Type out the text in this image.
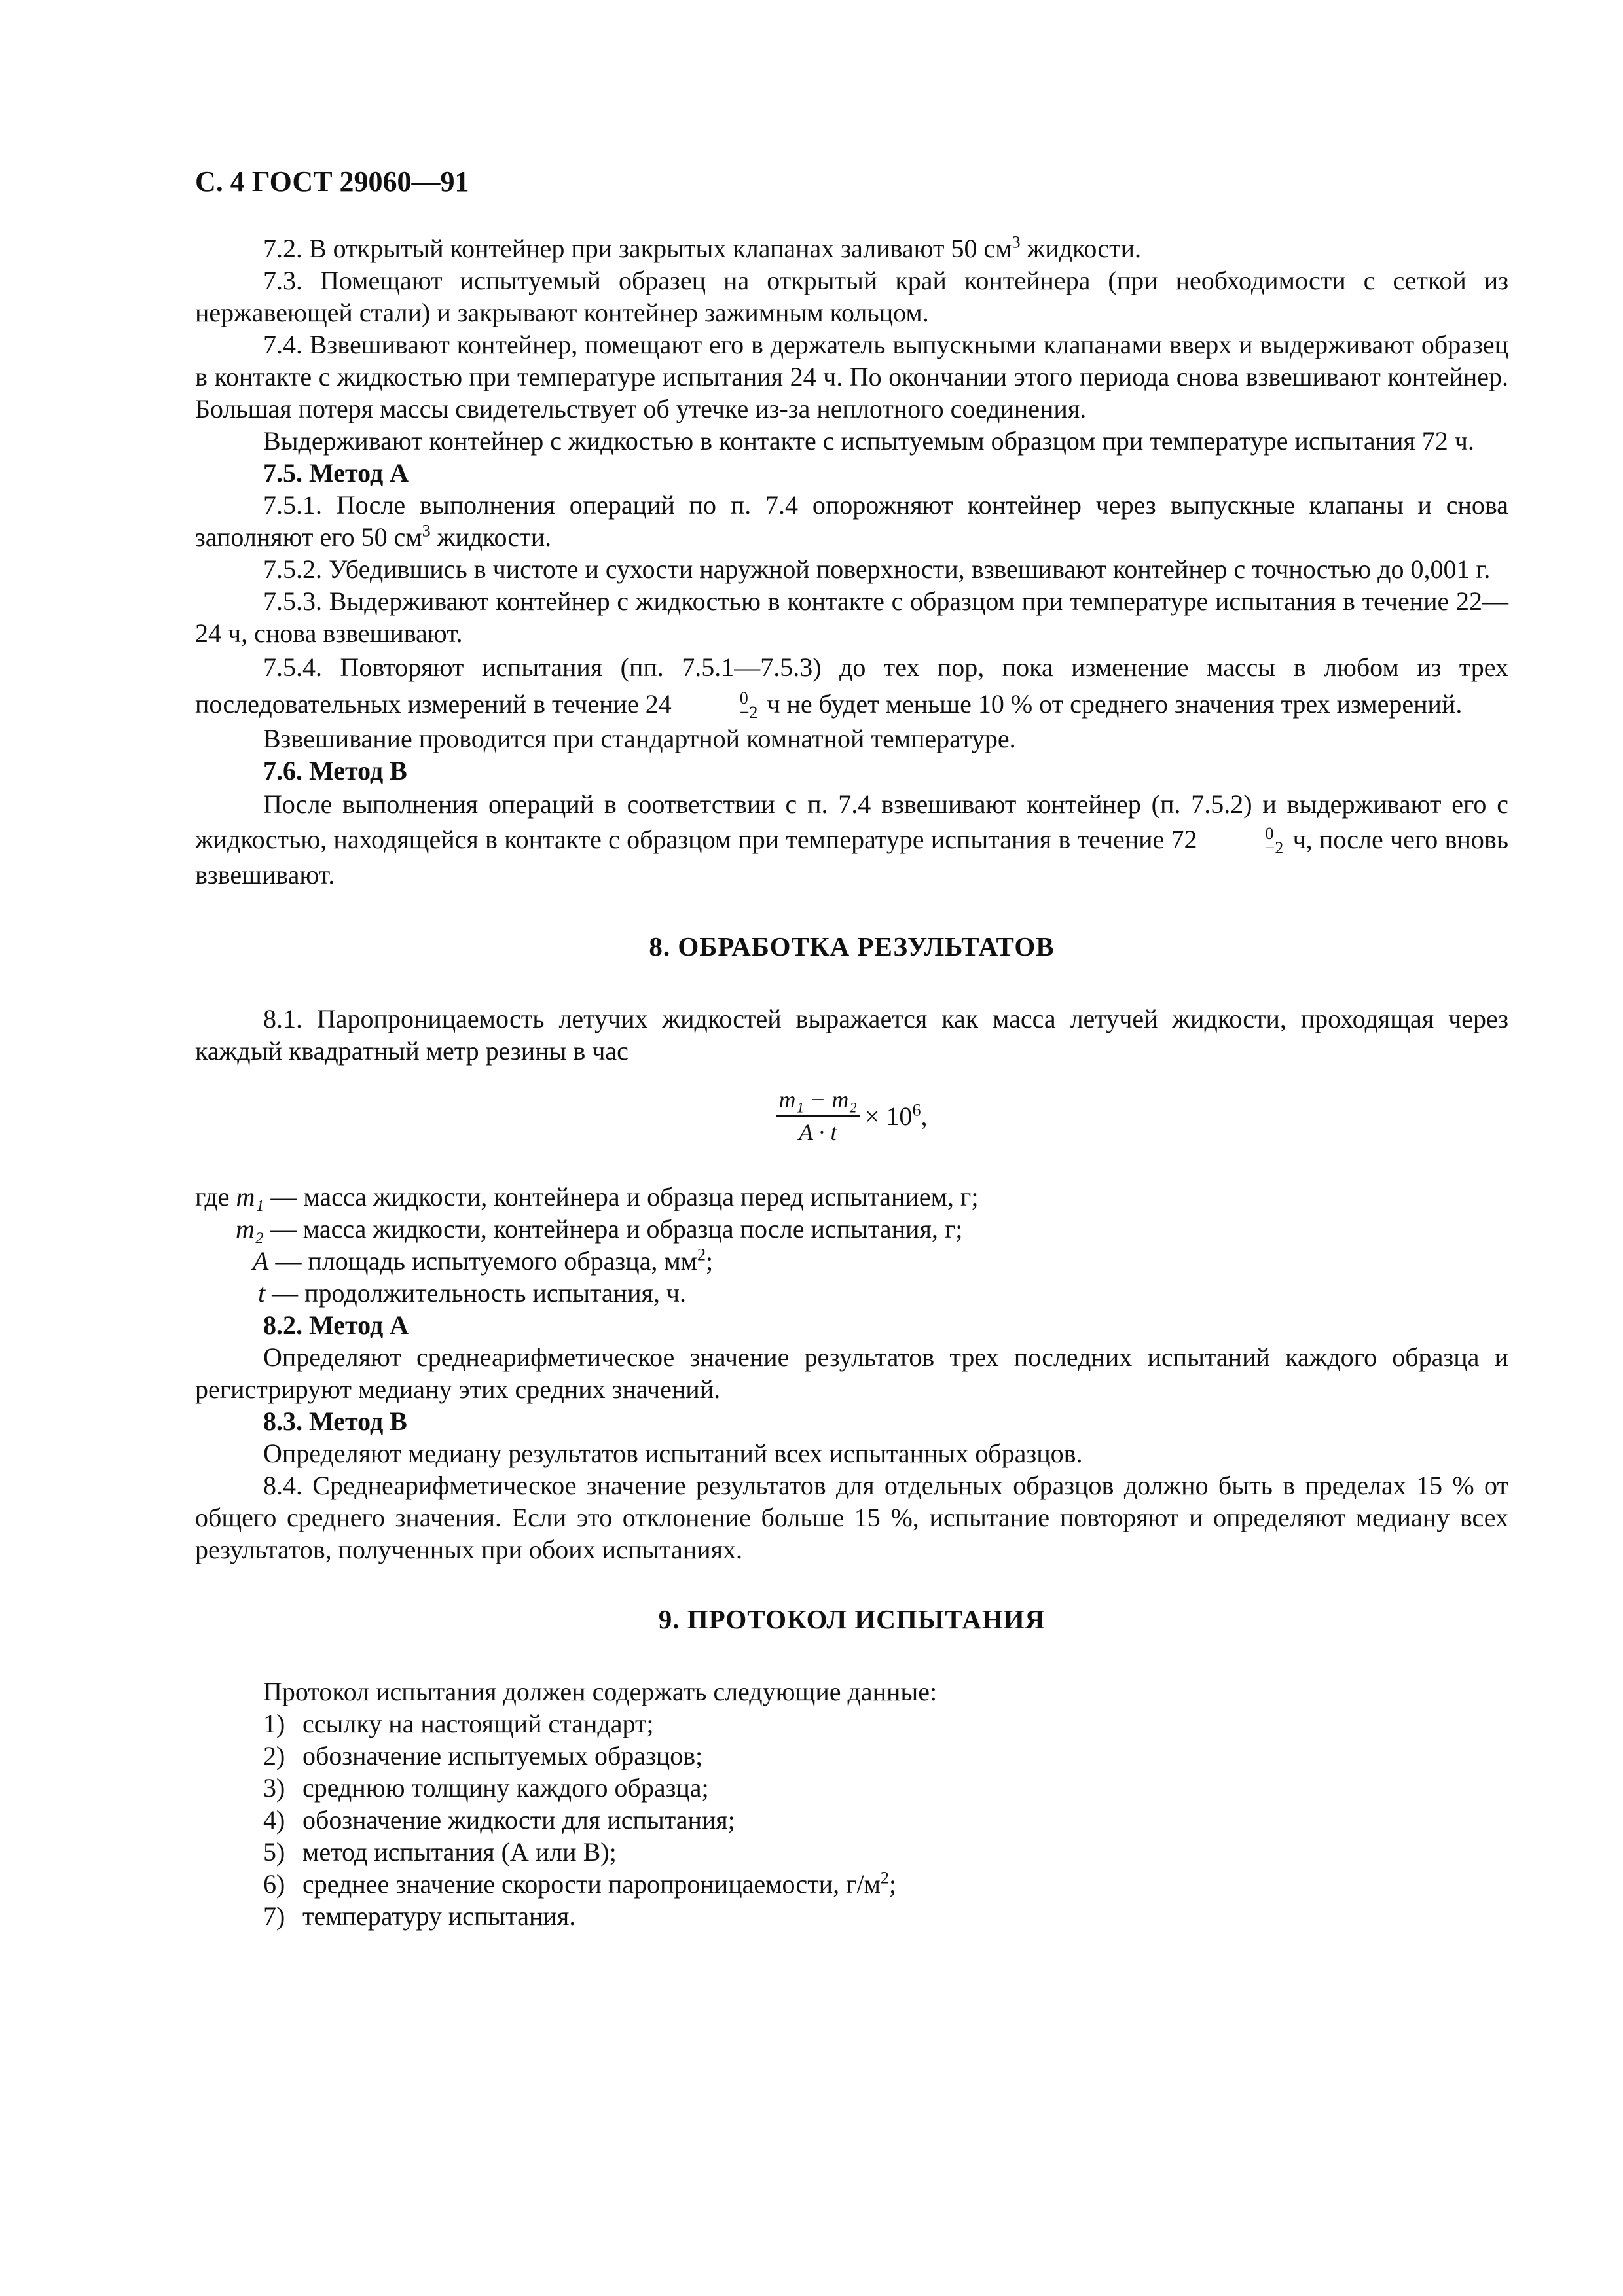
С. 4 ГОСТ 29060—91

7.2. В открытый контейнер при закрытых клапанах заливают 50 $см^3$ жидкости.

7.3. Помещают испытуемый образец на открытый край контейнера (при необходимости с сеткой из нержавеющей стали) и закрывают контейнер зажимным кольцом.

7.4. Взвешивают контейнер, помещают его в держатель выпускными клапанами вверх и выдерживают образец в контакте с жидкостью при температуре испытания 24 ч. По окончании этого периода снова взвешивают контейнер. Большая потеря массы свидетельствует об утечке из-за неплотного соединения.

Выдерживают контейнер с жидкостью в контакте с испытуемым образцом при температуре испытания 72 ч.

7.5. Метод А

7.5.1. После выполнения операций по п. 7.4 опорожняют контейнер через выпускные клапаны и снова заполняют его 50 $см^3$ жидкости.

7.5.2. Убедившись в чистоте и сухости наружной поверхности, взвешивают контейнер с точностью до 0,001 г.

7.5.3. Выдерживают контейнер с жидкостью в контакте с образцом при температуре испытания в течение 22—24 ч, снова взвешивают.

7.5.4. Повторяют испытания (пп. 7.5.1—7.5.3) до тех пор, пока изменение массы в любом из трех последовательных измерений в течение 24	0
−2 ч не будет меньше 10 % от среднего значения трех измерений.

Взвешивание проводится при стандартной комнатной температуре.

7.6. Метод В

После выполнения операций в соответствии с п. 7.4 взвешивают контейнер (п. 7.5.2) и выдерживают его с жидкостью, находящейся в контакте с образцом при температуре испытания в течение 72	0
−2 ч, после чего вновь взвешивают.

8. ОБРАБОТКА РЕЗУЛЬТАТОВ

8.1. Паропроницаемость летучих жидкостей выражается как масса летучей жидкости, проходящая через каждый квадратный метр резины в час

$\frac{\text{m₁ − m₂}}{A \cdot t} \times 10^6$,

где m₁ — масса жидкости, контейнера и образца перед испытанием, г;

m₂ — масса жидкости, контейнера и образца после испытания, г;

A — площадь испытуемого образца, $мм^2$;

t — продолжительность испытания, ч.

8.2. Метод А

Определяют среднеарифметическое значение результатов трех последних испытаний каждого образца и регистрируют медиану этих средних значений.

8.3. Метод В

Определяют медиану результатов испытаний всех испытанных образцов.

8.4. Среднеарифметическое значение результатов для отдельных образцов должно быть в пределах 15 % от общего среднего значения. Если это отклонение больше 15 %, испытание повторяют и определяют медиану всех результатов, полученных при обоих испытаниях.

9. ПРОТОКОЛ ИСПЫТАНИЯ

Протокол испытания должен содержать следующие данные:

1) ссылку на настоящий стандарт;

2) обозначение испытуемых образцов;

3) среднюю толщину каждого образца;

4) обозначение жидкости для испытания;

5) метод испытания (А или В);

6) среднее значение скорости паропроницаемости, $г/м^2$;

7) температуру испытания.
